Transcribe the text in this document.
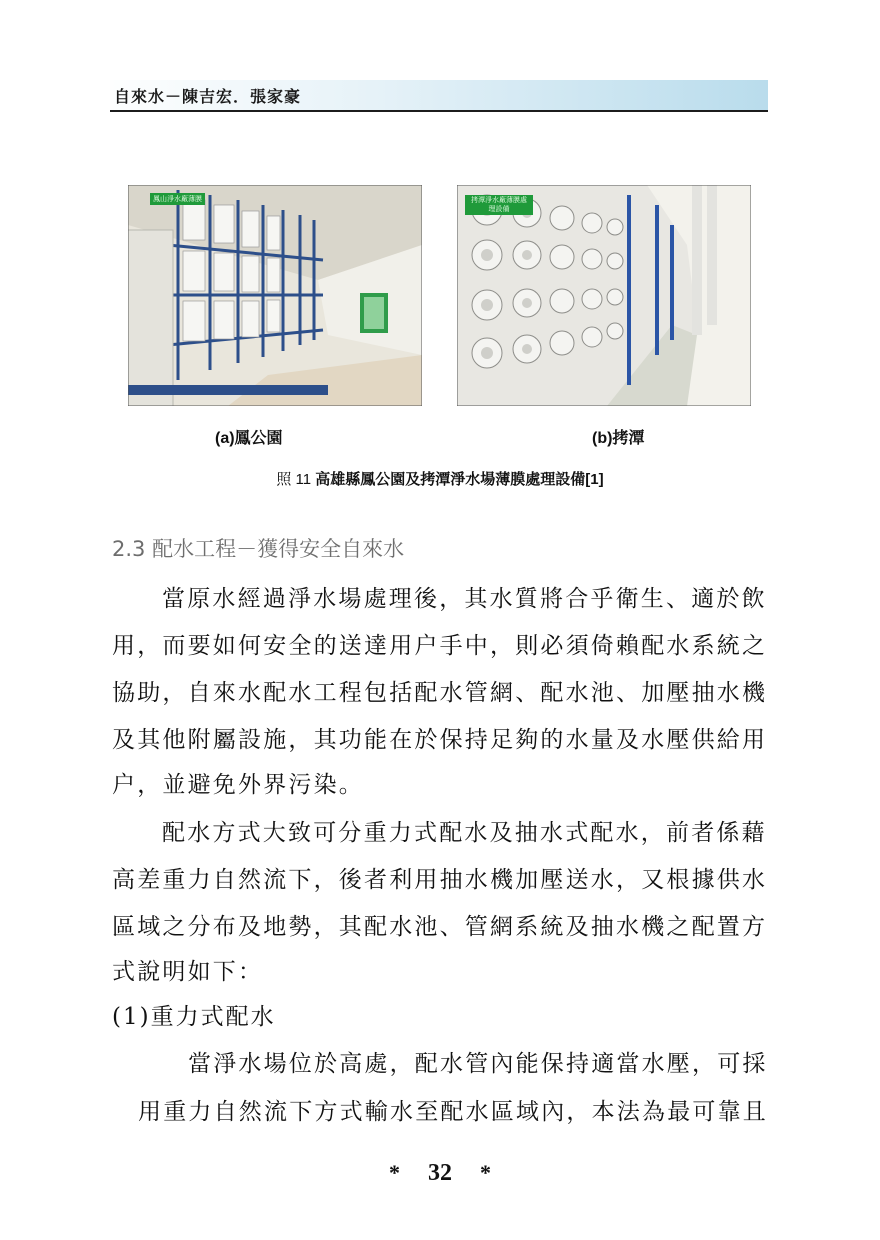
自來水－陳吉宏．張家豪
鳳山淨水廠薄膜	拷潭淨水廠薄膜處理設備
(a)鳳公園	(b)拷潭
照 11 高雄縣鳳公園及拷潭淨水場薄膜處理設備[1]
2.3 配水工程－獲得安全自來水
當原水經過淨水場處理後，其水質將合乎衛生、適於飲
用，而要如何安全的送達用户手中，則必須倚賴配水系統之
協助，自來水配水工程包括配水管網、配水池、加壓抽水機
及其他附屬設施，其功能在於保持足夠的水量及水壓供給用
户，並避免外界污染。
配水方式大致可分重力式配水及抽水式配水，前者係藉
高差重力自然流下，後者利用抽水機加壓送水，又根據供水
區域之分布及地勢，其配水池、管網系統及抽水機之配置方
式說明如下：
(1)重力式配水
當淨水場位於高處，配水管內能保持適當水壓，可採
用重力自然流下方式輸水至配水區域內，本法為最可靠且
* 32 *
